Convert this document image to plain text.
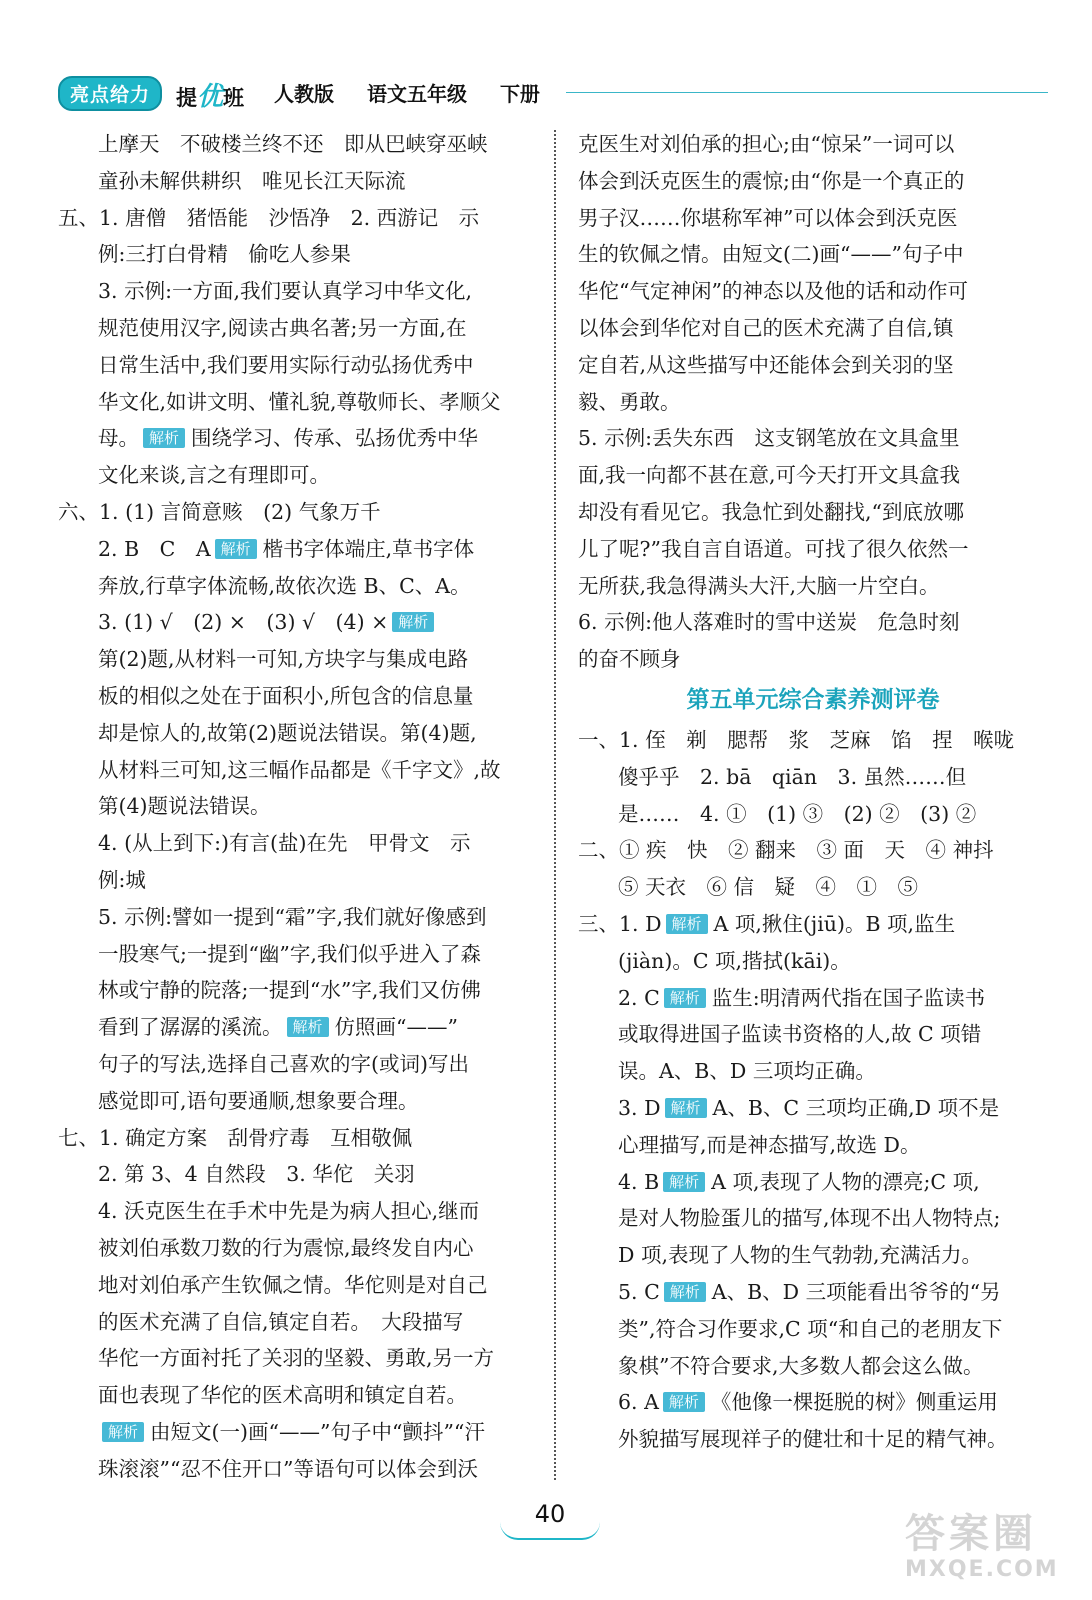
亮点给力	提优班 人教版 语文五年级 下册
上摩天　不破楼兰终不还　即从巴峡穿巫峡
童孙未解供耕织　唯见长江天际流
五、1. 唐僧　猪悟能　沙悟净　2. 西游记　示
例:三打白骨精　偷吃人参果
3. 示例:一方面,我们要认真学习中华文化,
规范使用汉字,阅读古典名著;另一方面,在
日常生活中,我们要用实际行动弘扬优秀中
华文化,如讲文明、懂礼貌,尊敬师长、孝顺父
母。 解析 围绕学习、传承、弘扬优秀中华
文化来谈,言之有理即可。
六、1. (1) 言简意赅　(2) 气象万千
2. B　C　A 解析 楷书字体端庄,草书字体
奔放,行草字体流畅,故依次选 B、C、A。
3. (1) √　(2) ×　(3) √　(4) × 解析
第(2)题,从材料一可知,方块字与集成电路
板的相似之处在于面积小,所包含的信息量
却是惊人的,故第(2)题说法错误。第(4)题,
从材料三可知,这三幅作品都是《千字文》,故
第(4)题说法错误。
4. (从上到下:)有言(盐)在先　甲骨文　示
例:城
5. 示例:譬如一提到“霜”字,我们就好像感到
一股寒气;一提到“幽”字,我们似乎进入了森
林或宁静的院落;一提到“水”字,我们又仿佛
看到了潺潺的溪流。 解析 仿照画“——”
句子的写法,选择自己喜欢的字(或词)写出
感觉即可,语句要通顺,想象要合理。
七、1. 确定方案　刮骨疗毒　互相敬佩
2. 第 3、4 自然段　3. 华佗　关羽
4. 沃克医生在手术中先是为病人担心,继而
被刘伯承数刀数的行为震惊,最终发自内心
地对刘伯承产生钦佩之情。华佗则是对自己
的医术充满了自信,镇定自若。　大段描写
华佗一方面衬托了关羽的坚毅、勇敢,另一方
面也表现了华佗的医术高明和镇定自若。
解析 由短文(一)画“——”句子中“颤抖”“汗
珠滚滚”“忍不住开口”等语句可以体会到沃
克医生对刘伯承的担心;由“惊呆”一词可以
体会到沃克医生的震惊;由“你是一个真正的
男子汉……你堪称军神”可以体会到沃克医
生的钦佩之情。由短文(二)画“——”句子中
华佗“气定神闲”的神态以及他的话和动作可
以体会到华佗对自己的医术充满了自信,镇
定自若,从这些描写中还能体会到关羽的坚
毅、勇敢。
5. 示例:丢失东西　这支钢笔放在文具盒里
面,我一向都不甚在意,可今天打开文具盒我
却没有看见它。我急忙到处翻找,“到底放哪
儿了呢?”我自言自语道。可找了很久依然一
无所获,我急得满头大汗,大脑一片空白。
6. 示例:他人落难时的雪中送炭　危急时刻
的奋不顾身
第五单元综合素养测评卷
一、1. 侄　剃　腮帮　浆　芝麻　馅　捏　喉咙
傻乎乎　2. bā　qiān　3. 虽然……但
是……　4. ①　(1) ③　(2) ②　(3) ②
二、① 疾　快　② 翻来　③ 面　天　④ 神抖
⑤ 天衣　⑥ 信　疑　④　①　⑤
三、1. D 解析 A 项,揪住(jiū)。B 项,监生
(jiàn)。C 项,揩拭(kāi)。
2. C 解析 监生:明清两代指在国子监读书
或取得进国子监读书资格的人,故 C 项错
误。A、B、D 三项均正确。
3. D 解析 A、B、C 三项均正确,D 项不是
心理描写,而是神态描写,故选 D。
4. B 解析 A 项,表现了人物的漂亮;C 项,
是对人物脸蛋儿的描写,体现不出人物特点;
D 项,表现了人物的生气勃勃,充满活力。
5. C 解析 A、B、D 三项能看出爷爷的“另
类”,符合习作要求,C 项“和自己的老朋友下
象棋”不符合要求,大多数人都会这么做。
6. A 解析 《他像一棵挺脱的树》侧重运用
外貌描写展现祥子的健壮和十足的精气神。
40	答案圈
MXQE.COM
